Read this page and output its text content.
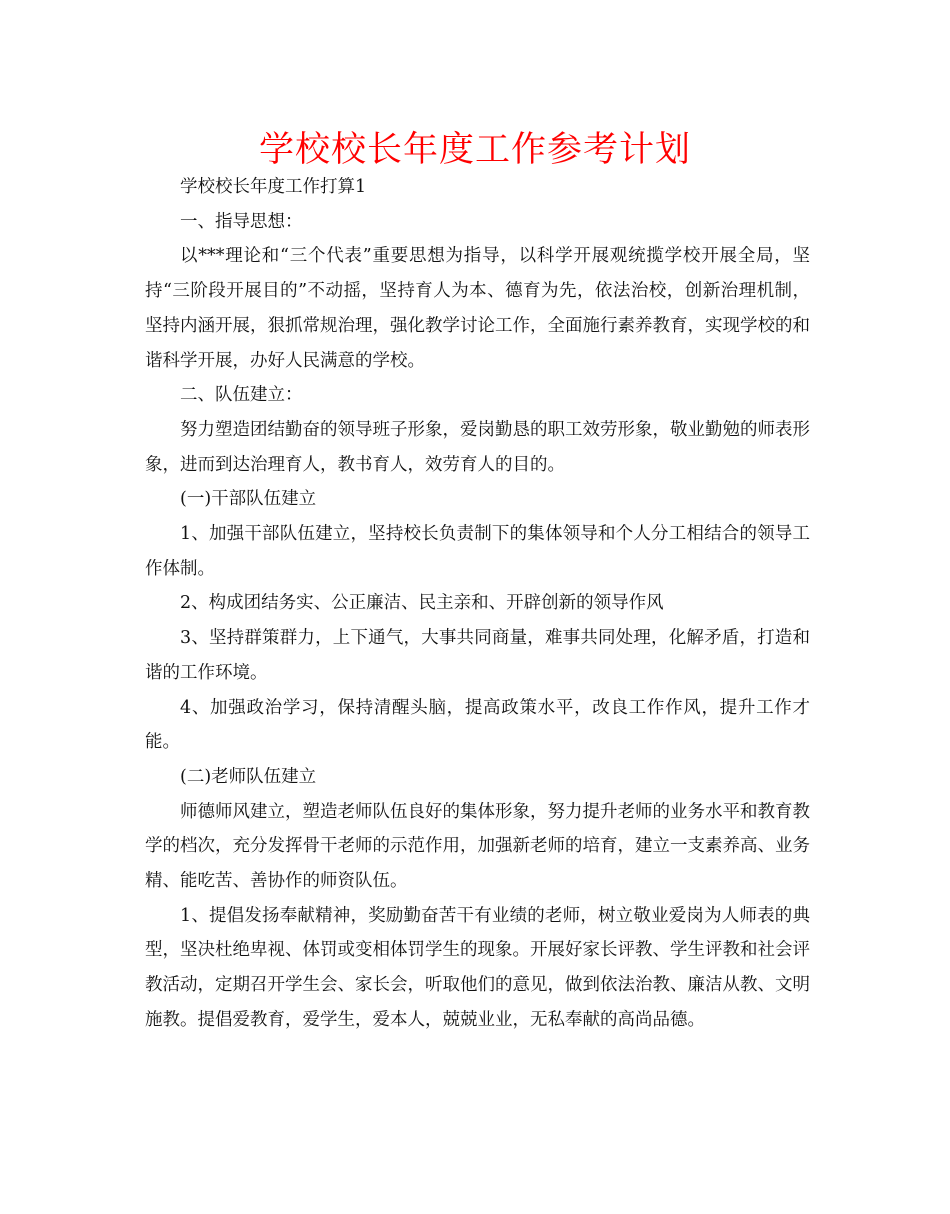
学校校长年度工作参考计划

学校校长年度工作打算1

一、指导思想：

以***理论和“三个代表”重要思想为指导，以科学开展观统揽学校开展全局，坚持“三阶段开展目的”不动摇，坚持育人为本、德育为先，依法治校，创新治理机制，坚持内涵开展，狠抓常规治理，强化教学讨论工作，全面施行素养教育，实现学校的和谐科学开展，办好人民满意的学校。

二、队伍建立：

努力塑造团结勤奋的领导班子形象，爱岗勤恳的职工效劳形象，敬业勤勉的师表形象，进而到达治理育人，教书育人，效劳育人的目的。

(一)干部队伍建立

1、加强干部队伍建立，坚持校长负责制下的集体领导和个人分工相结合的领导工作体制。

2、构成团结务实、公正廉洁、民主亲和、开辟创新的领导作风

3、坚持群策群力，上下通气，大事共同商量，难事共同处理，化解矛盾，打造和谐的工作环境。

4、加强政治学习，保持清醒头脑，提高政策水平，改良工作作风，提升工作才能。

(二)老师队伍建立

师德师风建立，塑造老师队伍良好的集体形象，努力提升老师的业务水平和教育教学的档次，充分发挥骨干老师的示范作用，加强新老师的培育，建立一支素养高、业务精、能吃苦、善协作的师资队伍。

1、提倡发扬奉献精神，奖励勤奋苦干有业绩的老师，树立敬业爱岗为人师表的典型，坚决杜绝卑视、体罚或变相体罚学生的现象。开展好家长评教、学生评教和社会评教活动，定期召开学生会、家长会，听取他们的意见，做到依法治教、廉洁从教、文明施教。提倡爱教育，爱学生，爱本人，兢兢业业，无私奉献的高尚品德。
